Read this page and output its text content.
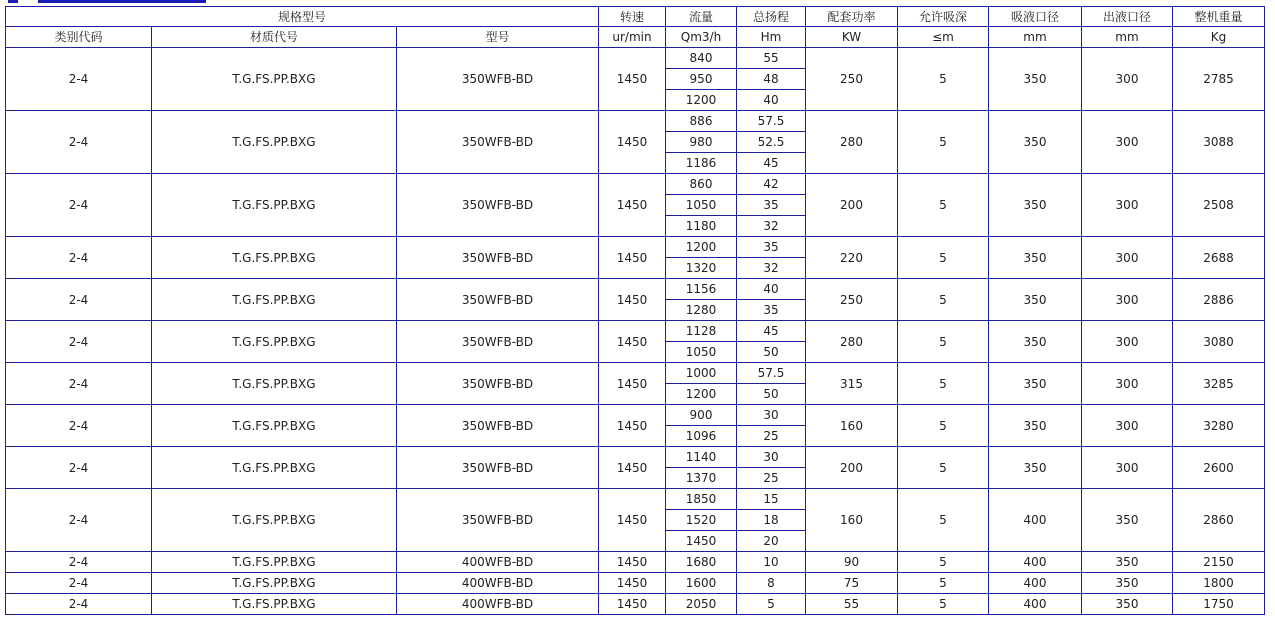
规格型号			转速	流量	总扬程	配套功率	允许吸深	吸液口径	出液口径	整机重量
类别代码	材质代号	型号	ur/min	Qm3/h	Hm	KW	≤m	mm	mm	Kg
2-4	T.G.FS.PP.BXG	350WFB-BD	1450	840	55	250	5	350	300	2785
				950	48					
				1200	40					
2-4	T.G.FS.PP.BXG	350WFB-BD	1450	886	57.5	280	5	350	300	3088
				980	52.5					
				1186	45					
2-4	T.G.FS.PP.BXG	350WFB-BD	1450	860	42	200	5	350	300	2508
				1050	35					
				1180	32					
2-4	T.G.FS.PP.BXG	350WFB-BD	1450	1200	35	220	5	350	300	2688
				1320	32					
2-4	T.G.FS.PP.BXG	350WFB-BD	1450	1156	40	250	5	350	300	2886
				1280	35					
2-4	T.G.FS.PP.BXG	350WFB-BD	1450	1128	45	280	5	350	300	3080
				1050	50					
2-4	T.G.FS.PP.BXG	350WFB-BD	1450	1000	57.5	315	5	350	300	3285
				1200	50					
2-4	T.G.FS.PP.BXG	350WFB-BD	1450	900	30	160	5	350	300	3280
				1096	25					
2-4	T.G.FS.PP.BXG	350WFB-BD	1450	1140	30	200	5	350	300	2600
				1370	25					
2-4	T.G.FS.PP.BXG	350WFB-BD	1450	1850	15	160	5	400	350	2860
				1520	18					
				1450	20					
2-4	T.G.FS.PP.BXG	400WFB-BD	1450	1680	10	90	5	400	350	2150
2-4	T.G.FS.PP.BXG	400WFB-BD	1450	1600	8	75	5	400	350	1800
2-4	T.G.FS.PP.BXG	400WFB-BD	1450	2050	5	55	5	400	350	1750
